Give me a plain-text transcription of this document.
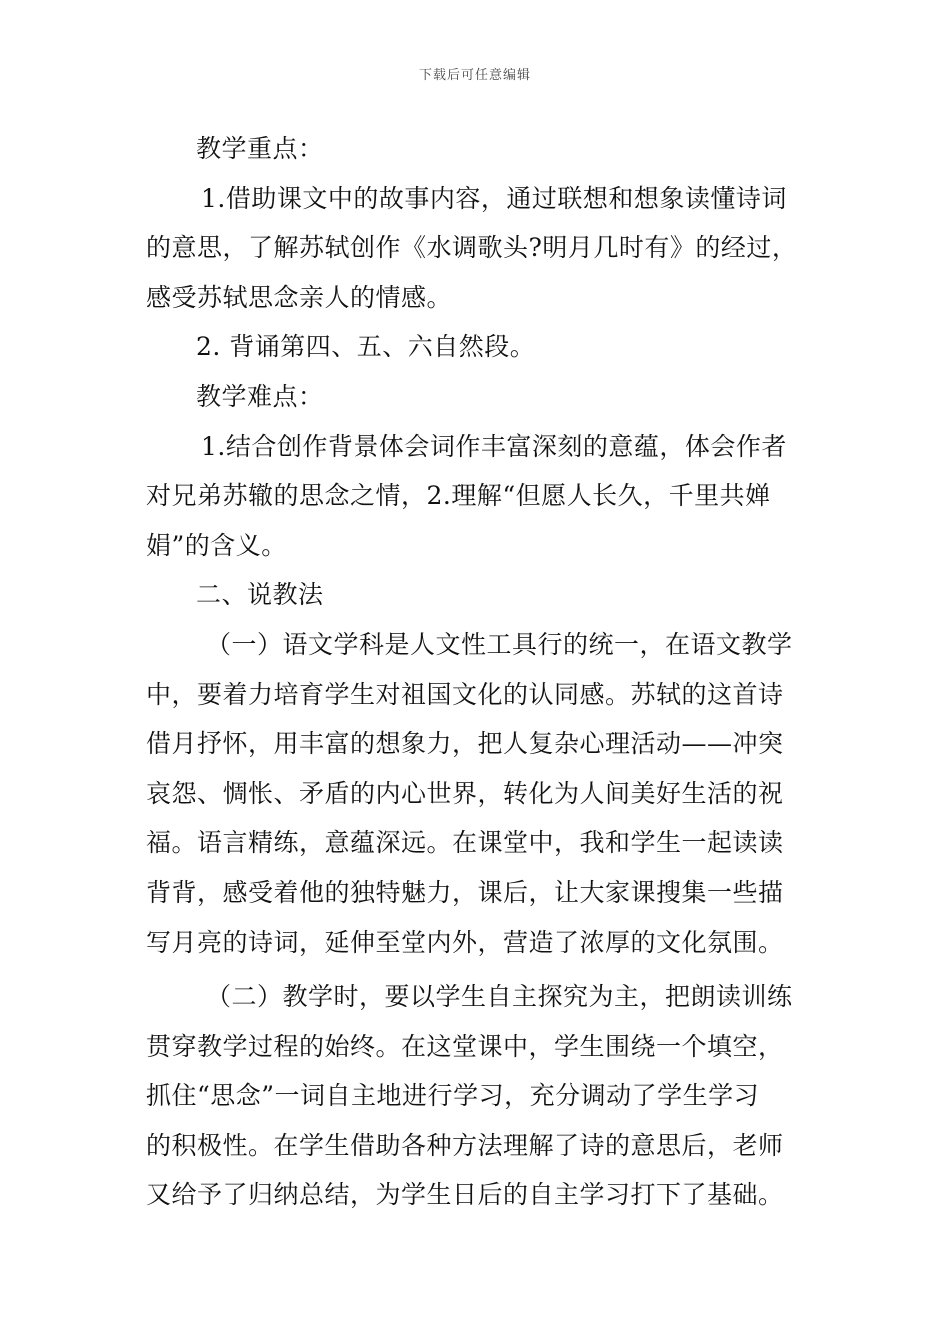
下载后可任意编辑
教学重点：
1.借助课文中的故事内容，通过联想和想象读懂诗词
的意思，了解苏轼创作《水调歌头?明月几时有》的经过，
感受苏轼思念亲人的情感。
2. 背诵第四、五、六自然段。
教学难点：
1.结合创作背景体会词作丰富深刻的意蕴，体会作者
对兄弟苏辙的思念之情，2.理解“但愿人长久，千里共婵
娟”的含义。
二、说教法
（一）语文学科是人文性工具行的统一，在语文教学
中，要着力培育学生对祖国文化的认同感。苏轼的这首诗
借月抒怀，用丰富的想象力，把人复杂心理活动——冲突
哀怨、惆怅、矛盾的内心世界，转化为人间美好生活的祝
福。语言精练，意蕴深远。在课堂中，我和学生一起读读
背背，感受着他的独特魅力，课后，让大家课搜集一些描
写月亮的诗词，延伸至堂内外，营造了浓厚的文化氛围。
（二）教学时，要以学生自主探究为主，把朗读训练
贯穿教学过程的始终。在这堂课中，学生围绕一个填空，
抓住“思念”一词自主地进行学习，充分调动了学生学习
的积极性。在学生借助各种方法理解了诗的意思后，老师
又给予了归纳总结，为学生日后的自主学习打下了基础。
